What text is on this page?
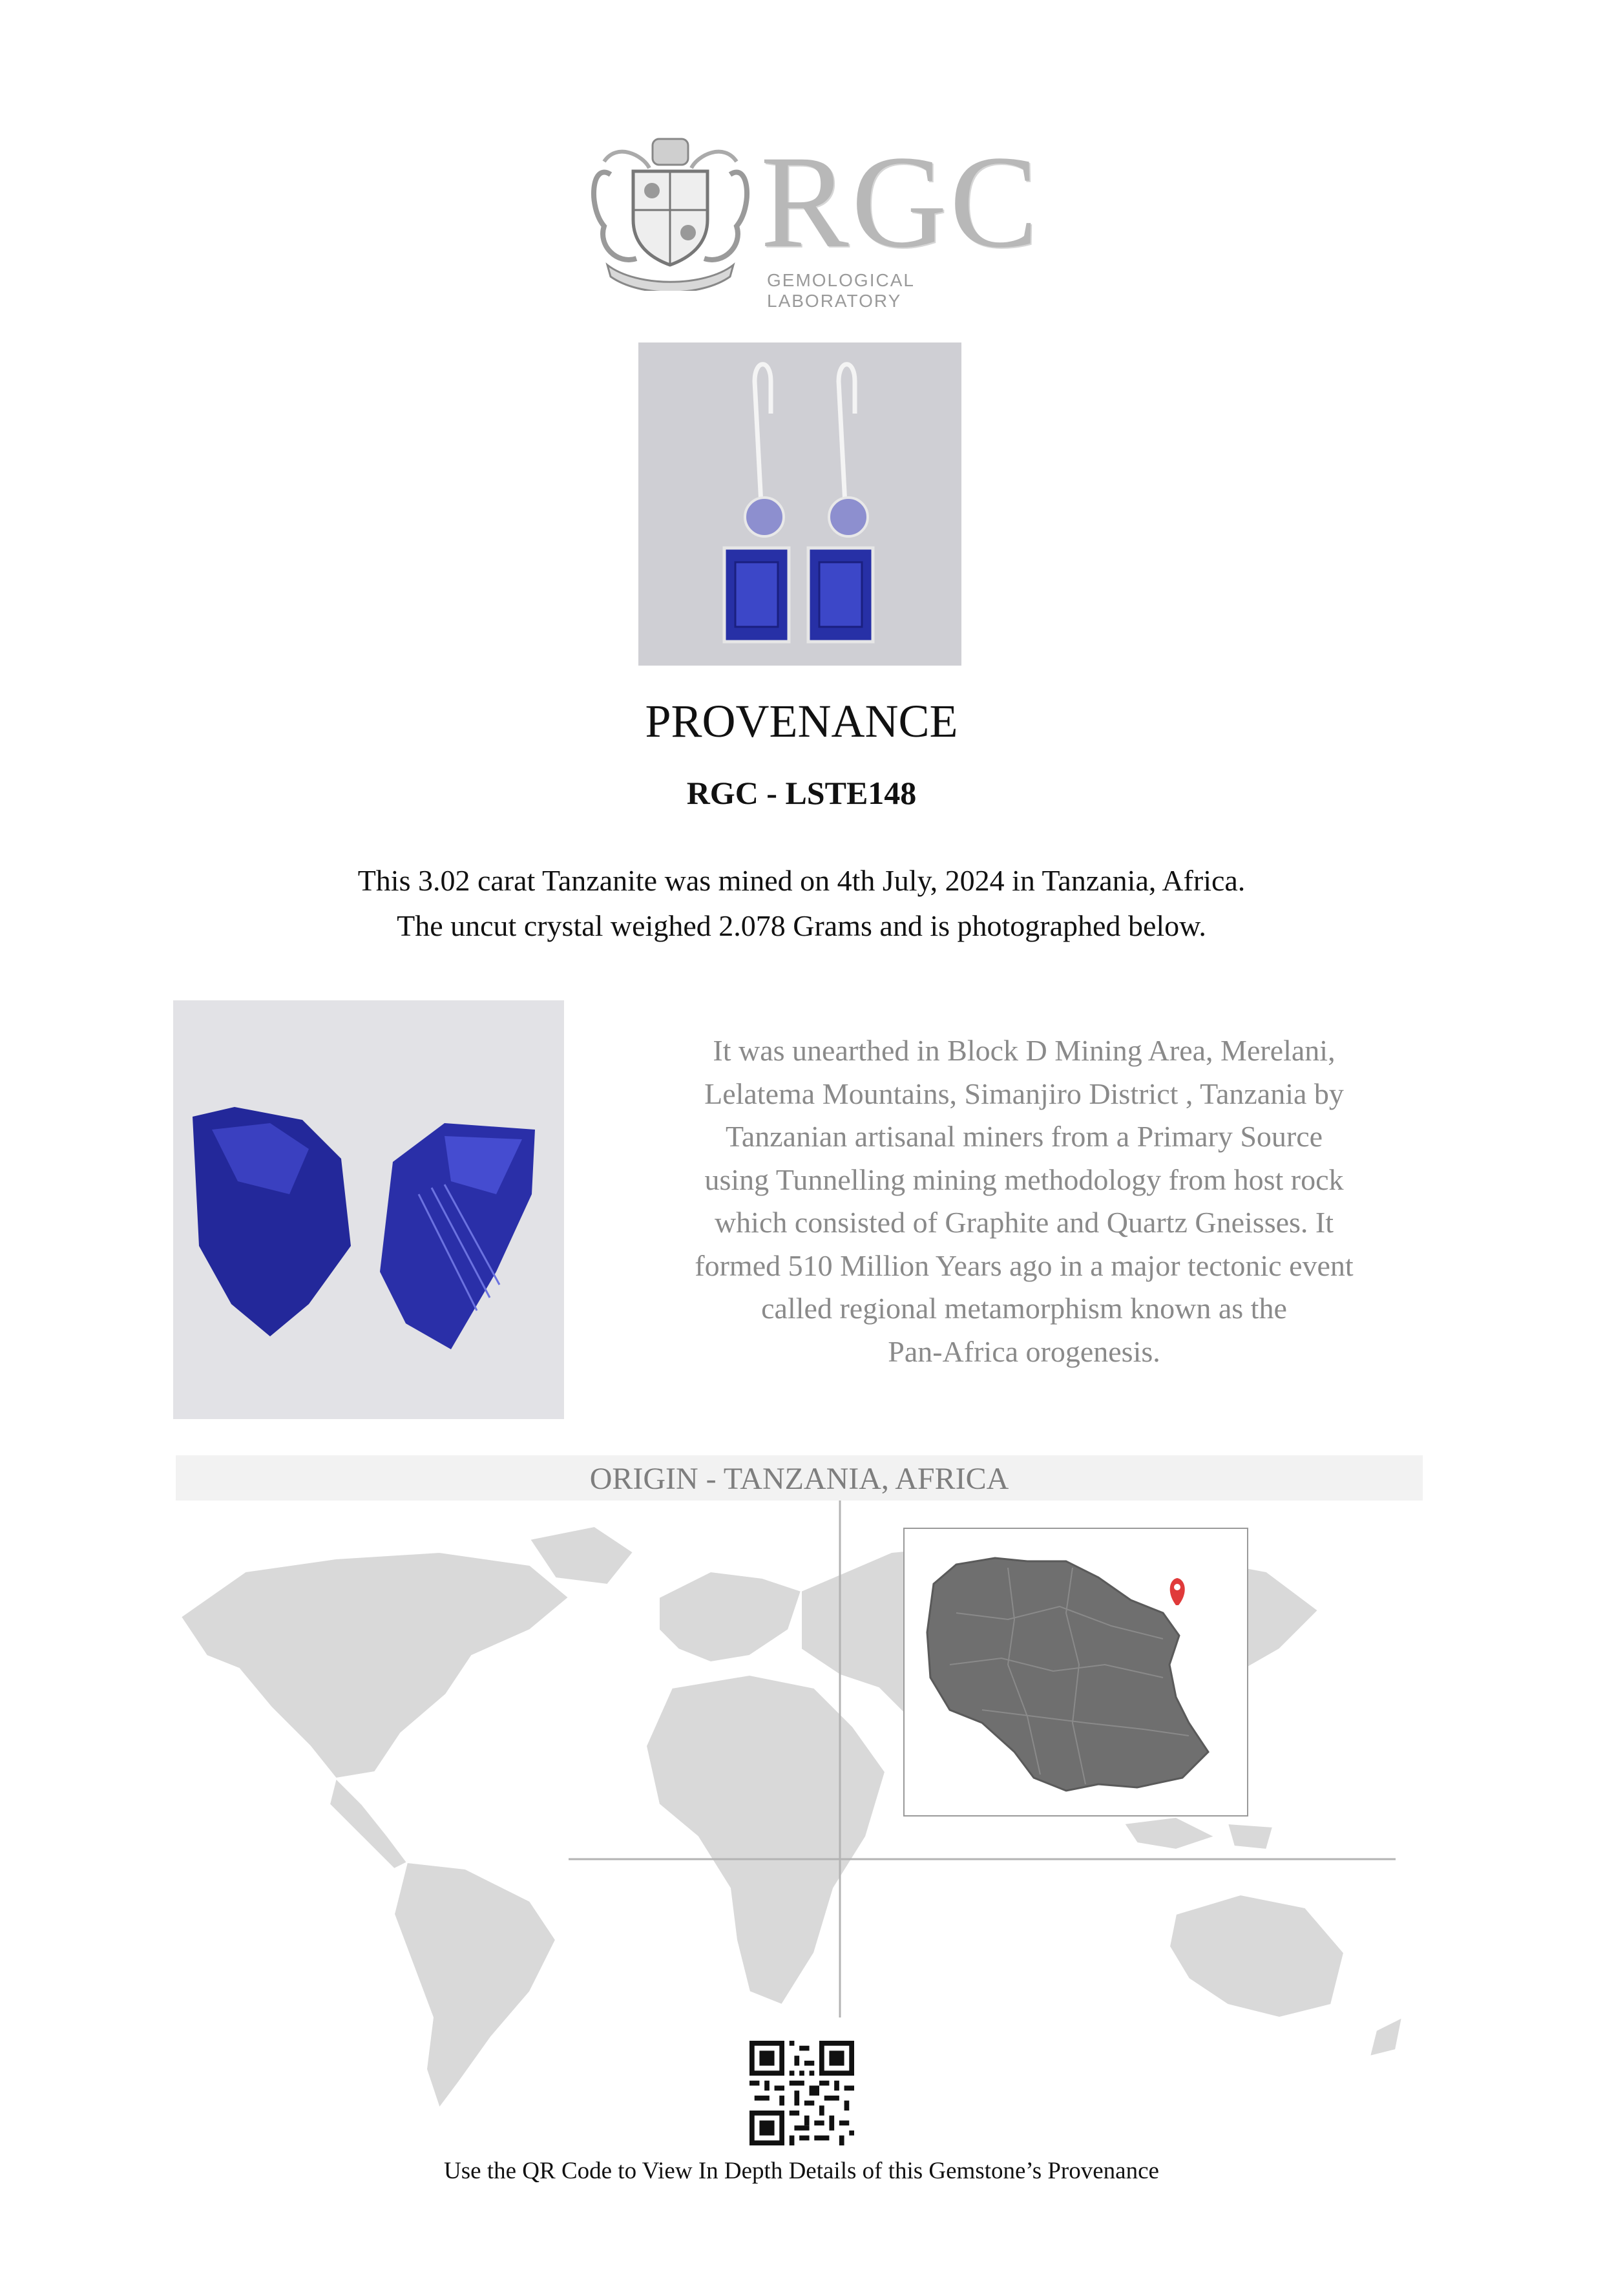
RGC
GEMOLOGICAL LABORATORY
PROVENANCE
RGC - LSTE148
This 3.02 carat Tanzanite was mined on 4th July, 2024 in Tanzania, Africa.
The uncut crystal weighed 2.078 Grams and is photographed below.
It was unearthed in Block D Mining Area, Merelani,
Lelatema Mountains, Simanjiro District , Tanzania by
Tanzanian artisanal miners from a Primary Source
using Tunnelling mining methodology from host rock
which consisted of Graphite and Quartz Gneisses. It
formed 510 Million Years ago in a major tectonic event
called regional metamorphism known as the
Pan-Africa orogenesis.
ORIGIN - TANZANIA, AFRICA
Use the QR Code to View In Depth Details of this Gemstone’s Provenance
